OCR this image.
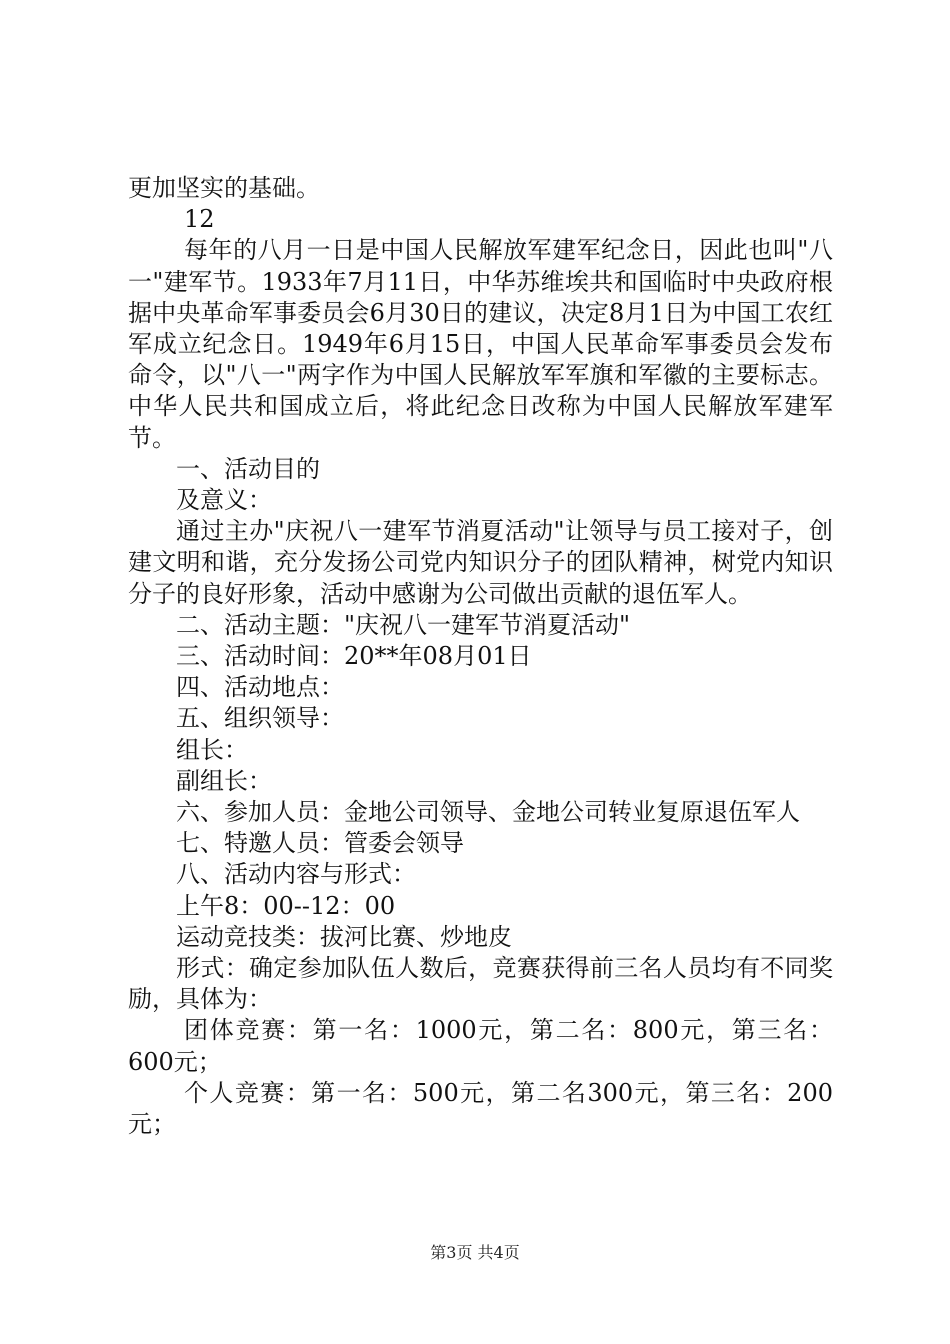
更加坚实的基础。

12

每年的八月一日是中国人民解放军建军纪念日，因此也叫"八一"建军节。1933年7月11日，中华苏维埃共和国临时中央政府根据中央革命军事委员会6月30日的建议，决定8月1日为中国工农红军成立纪念日。1949年6月15日，中国人民革命军事委员会发布命令，以"八一"两字作为中国人民解放军军旗和军徽的主要标志。中华人民共和国成立后，将此纪念日改称为中国人民解放军建军节。

一、活动目的

及意义：

通过主办"庆祝八一建军节消夏活动"让领导与员工接对子，创建文明和谐，充分发扬公司党内知识分子的团队精神，树党内知识分子的良好形象，活动中感谢为公司做出贡献的退伍军人。

二、活动主题："庆祝八一建军节消夏活动"

三、活动时间：20**年08月01日

四、活动地点：

五、组织领导：

组长：

副组长：

六、参加人员：金地公司领导、金地公司转业复原退伍军人

七、特邀人员：管委会领导

八、活动内容与形式：

上午8：00--12：00

运动竞技类：拔河比赛、炒地皮

形式：确定参加队伍人数后，竞赛获得前三名人员均有不同奖励，具体为：

团体竞赛：第一名：1000元，第二名：800元，第三名：600元；

个人竞赛：第一名：500元，第二名300元，第三名：200元；

第3页 共4页
